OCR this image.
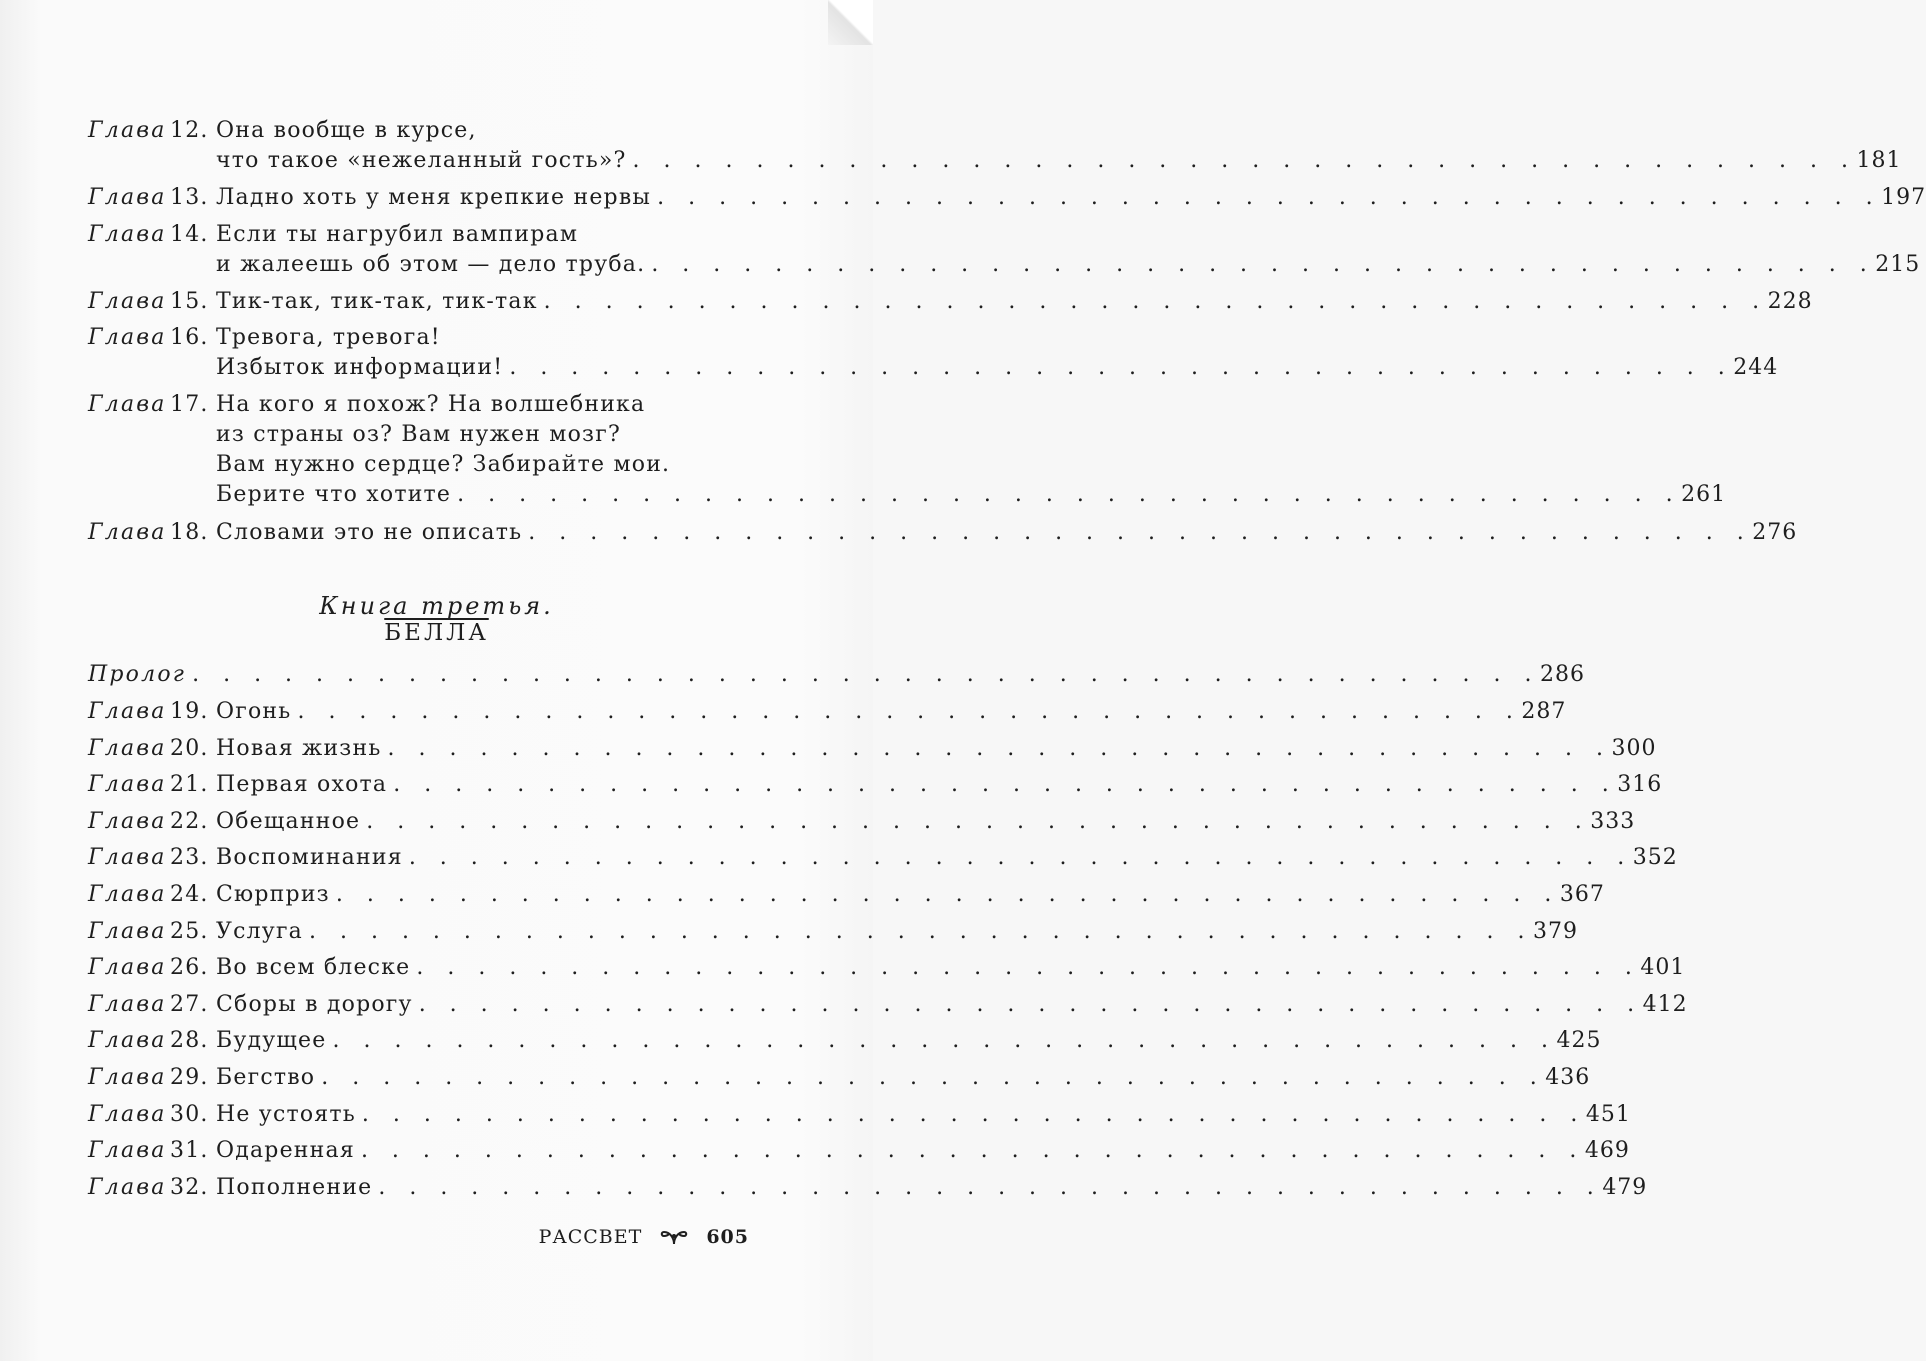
Глава 12. Она вообще в курсе,
что такое «нежеланный гость»? . . . . . . . . . . . . . . . . . . . . . . . . . . . . . . . . . . . . . . . . 181
Глава 13. Ладно хоть у меня крепкие нервы . . . . . . . . . . . . . . . . . . . . . . . . . . . . . . . . . . . . . . . . 197
Глава 14. Если ты нагрубил вампирам
и жалеешь об этом — дело труба. . . . . . . . . . . . . . . . . . . . . . . . . . . . . . . . . . . . . . . . . 215
Глава 15. Тик-так, тик-так, тик-так . . . . . . . . . . . . . . . . . . . . . . . . . . . . . . . . . . . . . . . . 228
Глава 16. Тревога, тревога!
Избыток информации! . . . . . . . . . . . . . . . . . . . . . . . . . . . . . . . . . . . . . . . . 244
Глава 17. На кого я похож? На волшебника
из страны оз? Вам нужен мозг?
Вам нужно сердце? Забирайте мои.
Берите что хотите . . . . . . . . . . . . . . . . . . . . . . . . . . . . . . . . . . . . . . . . 261
Глава 18. Словами это не описать . . . . . . . . . . . . . . . . . . . . . . . . . . . . . . . . . . . . . . . . 276
Книга третья.
БЕЛЛА
Пролог . . . . . . . . . . . . . . . . . . . . . . . . . . . . . . . . . . . . . . . . . . . . 286
Глава 19. Огонь . . . . . . . . . . . . . . . . . . . . . . . . . . . . . . . . . . . . . . . . 287
Глава 20. Новая жизнь . . . . . . . . . . . . . . . . . . . . . . . . . . . . . . . . . . . . . . . . 300
Глава 21. Первая охота . . . . . . . . . . . . . . . . . . . . . . . . . . . . . . . . . . . . . . . . 316
Глава 22. Обещанное . . . . . . . . . . . . . . . . . . . . . . . . . . . . . . . . . . . . . . . . 333
Глава 23. Воспоминания . . . . . . . . . . . . . . . . . . . . . . . . . . . . . . . . . . . . . . . . 352
Глава 24. Сюрприз . . . . . . . . . . . . . . . . . . . . . . . . . . . . . . . . . . . . . . . . 367
Глава 25. Услуга . . . . . . . . . . . . . . . . . . . . . . . . . . . . . . . . . . . . . . . . 379
Глава 26. Во всем блеске . . . . . . . . . . . . . . . . . . . . . . . . . . . . . . . . . . . . . . . . 401
Глава 27. Сборы в дорогу . . . . . . . . . . . . . . . . . . . . . . . . . . . . . . . . . . . . . . . . 412
Глава 28. Будущее . . . . . . . . . . . . . . . . . . . . . . . . . . . . . . . . . . . . . . . . 425
Глава 29. Бегство . . . . . . . . . . . . . . . . . . . . . . . . . . . . . . . . . . . . . . . . 436
Глава 30. Не устоять . . . . . . . . . . . . . . . . . . . . . . . . . . . . . . . . . . . . . . . . 451
Глава 31. Одаренная . . . . . . . . . . . . . . . . . . . . . . . . . . . . . . . . . . . . . . . . 469
Глава 32. Пополнение . . . . . . . . . . . . . . . . . . . . . . . . . . . . . . . . . . . . . . . . 479
РАССВЕТ	605
